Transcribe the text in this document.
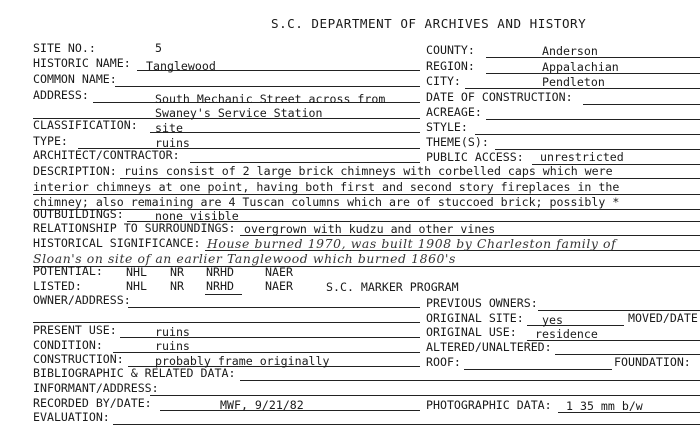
S.C. DEPARTMENT OF ARCHIVES AND HISTORY
SITE NO.:	5
HISTORIC NAME: Tanglewood
COMMON NAME:
ADDRESS:	South Mechanic Street across from
Swaney's Service Station
CLASSIFICATION: site
TYPE:	ruins
ARCHITECT/CONTRACTOR:
COUNTY:	Anderson
REGION:	Appalachian
CITY:	Pendleton
DATE OF CONSTRUCTION:
ACREAGE:
STYLE:
THEME(S):
PUBLIC ACCESS: unrestricted
DESCRIPTION: ruins consist of 2 large brick chimneys with corbelled caps which were
interior chimneys at one point, having both first and second story fireplaces in the
chimney; also remaining are 4 Tuscan columns which are of stuccoed brick; possibly *
OUTBUILDINGS:	none visible
RELATIONSHIP TO SURROUNDINGS: overgrown with kudzu and other vines
HISTORICAL SIGNIFICANCE: House burned 1970, was built 1908 by Charleston family of
Sloan's on site of an earlier Tanglewood which burned 1860's
POTENTIAL: NHL NR NRHD	NAER
LISTED:	NHL NR NRHD	NAER	S.C. MARKER PROGRAM
OWNER/ADDRESS:	PREVIOUS OWNERS:
ORIGINAL SITE: yes	MOVED/DATE
PRESENT USE:	ruins	ORIGINAL USE: residence
CONDITION:	ruins	ALTERED/UNALTERED:
CONSTRUCTION:	probably frame originally	ROOF:	FOUNDATION:
BIBLIOGRAPHIC & RELATED DATA:
INFORMANT/ADDRESS:
RECORDED BY/DATE:	MWF, 9/21/82	PHOTOGRAPHIC DATA: 1 35 mm b/w
EVALUATION:
